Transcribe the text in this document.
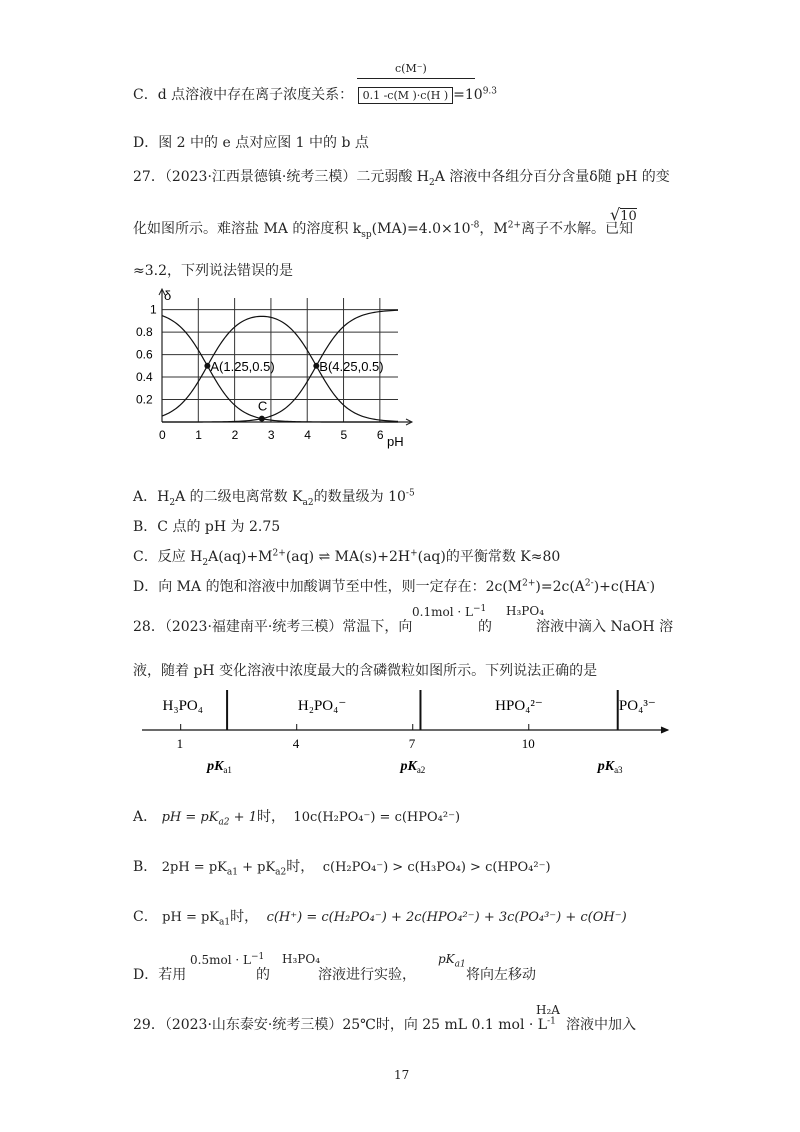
c(M⁻)
C．d 点溶液中存在离子浓度关系： 0.1 -c(M )·c(H ) $=10^{9.3}$
D．图 2 中的 e 点对应图 1 中的 b 点
27．（2023·江西景德镇·统考三模）二元弱酸 $H_2A$ 溶液中各组分百分含量δ随 pH 的变
化如图所示。难溶盐 MA 的溶度积 $k_{sp}(MA)=4.0\times 10^{-8}$，$M^{2+}$离子不水解。已知
√10
≈3.2，下列说法错误的是
0 1 2 3 4 5 6
0.2
0.4
0.6
0.8
1
A(1.25,0.5)	B(4.25,0.5)
C
δ
pH
A．$H_2A$ 的二级电离常数 $K_{a2}$的数量级为 $10^{-5}$
B．C 点的 pH 为 2.75
C．反应 $H_2A(aq)+M^{2+}(aq)$ ⇌ MA(s)+2H+(aq)的平衡常数 K≈80
D．向 MA 的饱和溶液中加酸调节至中性，则一定存在：$2c(M^{2+})=2c(A^{2-})+c(HA^-)$
28．（2023·福建南平·统考三模）常温下，向
$0.1mol \cdot L^{-1}$
的
H₃PO₄
溶液中滴入 NaOH 溶
液，随着 pH 变化溶液中浓度最大的含磷微粒如图所示。下列说法正确的是
H₃PO₄	H₂PO₄⁻	HPO₄²⁻	PO₄³⁻
1	4	7	10
$pK_{a1}$	$pK_{a2}$	$pK_{a3}$
A． pH = $pK_{a2} + 1$时， 10c(H₂PO₄⁻) = c(HPO₄²⁻)
B． $2pH = pK_{a1} + pK_{a2}$时， c(H₂PO₄⁻) > c(H₃PO₄) > c(HPO₄²⁻)
C． pH = $pK_{a1}$时， c(H⁺) = c(H₂PO₄⁻) + 2c(HPO₄²⁻) + 3c(PO₄³⁻) + c(OH⁻)
D．若用
$0.5mol \cdot L^{-1}$
的
H₃PO₄
溶液进行实验，
$pK_{a1}$
将向左移动
29．（2023·山东泰安·统考三模）25℃时，向 25 mL 0.1 mol · $L^{-1}$
H₂A
溶液中加入
17
